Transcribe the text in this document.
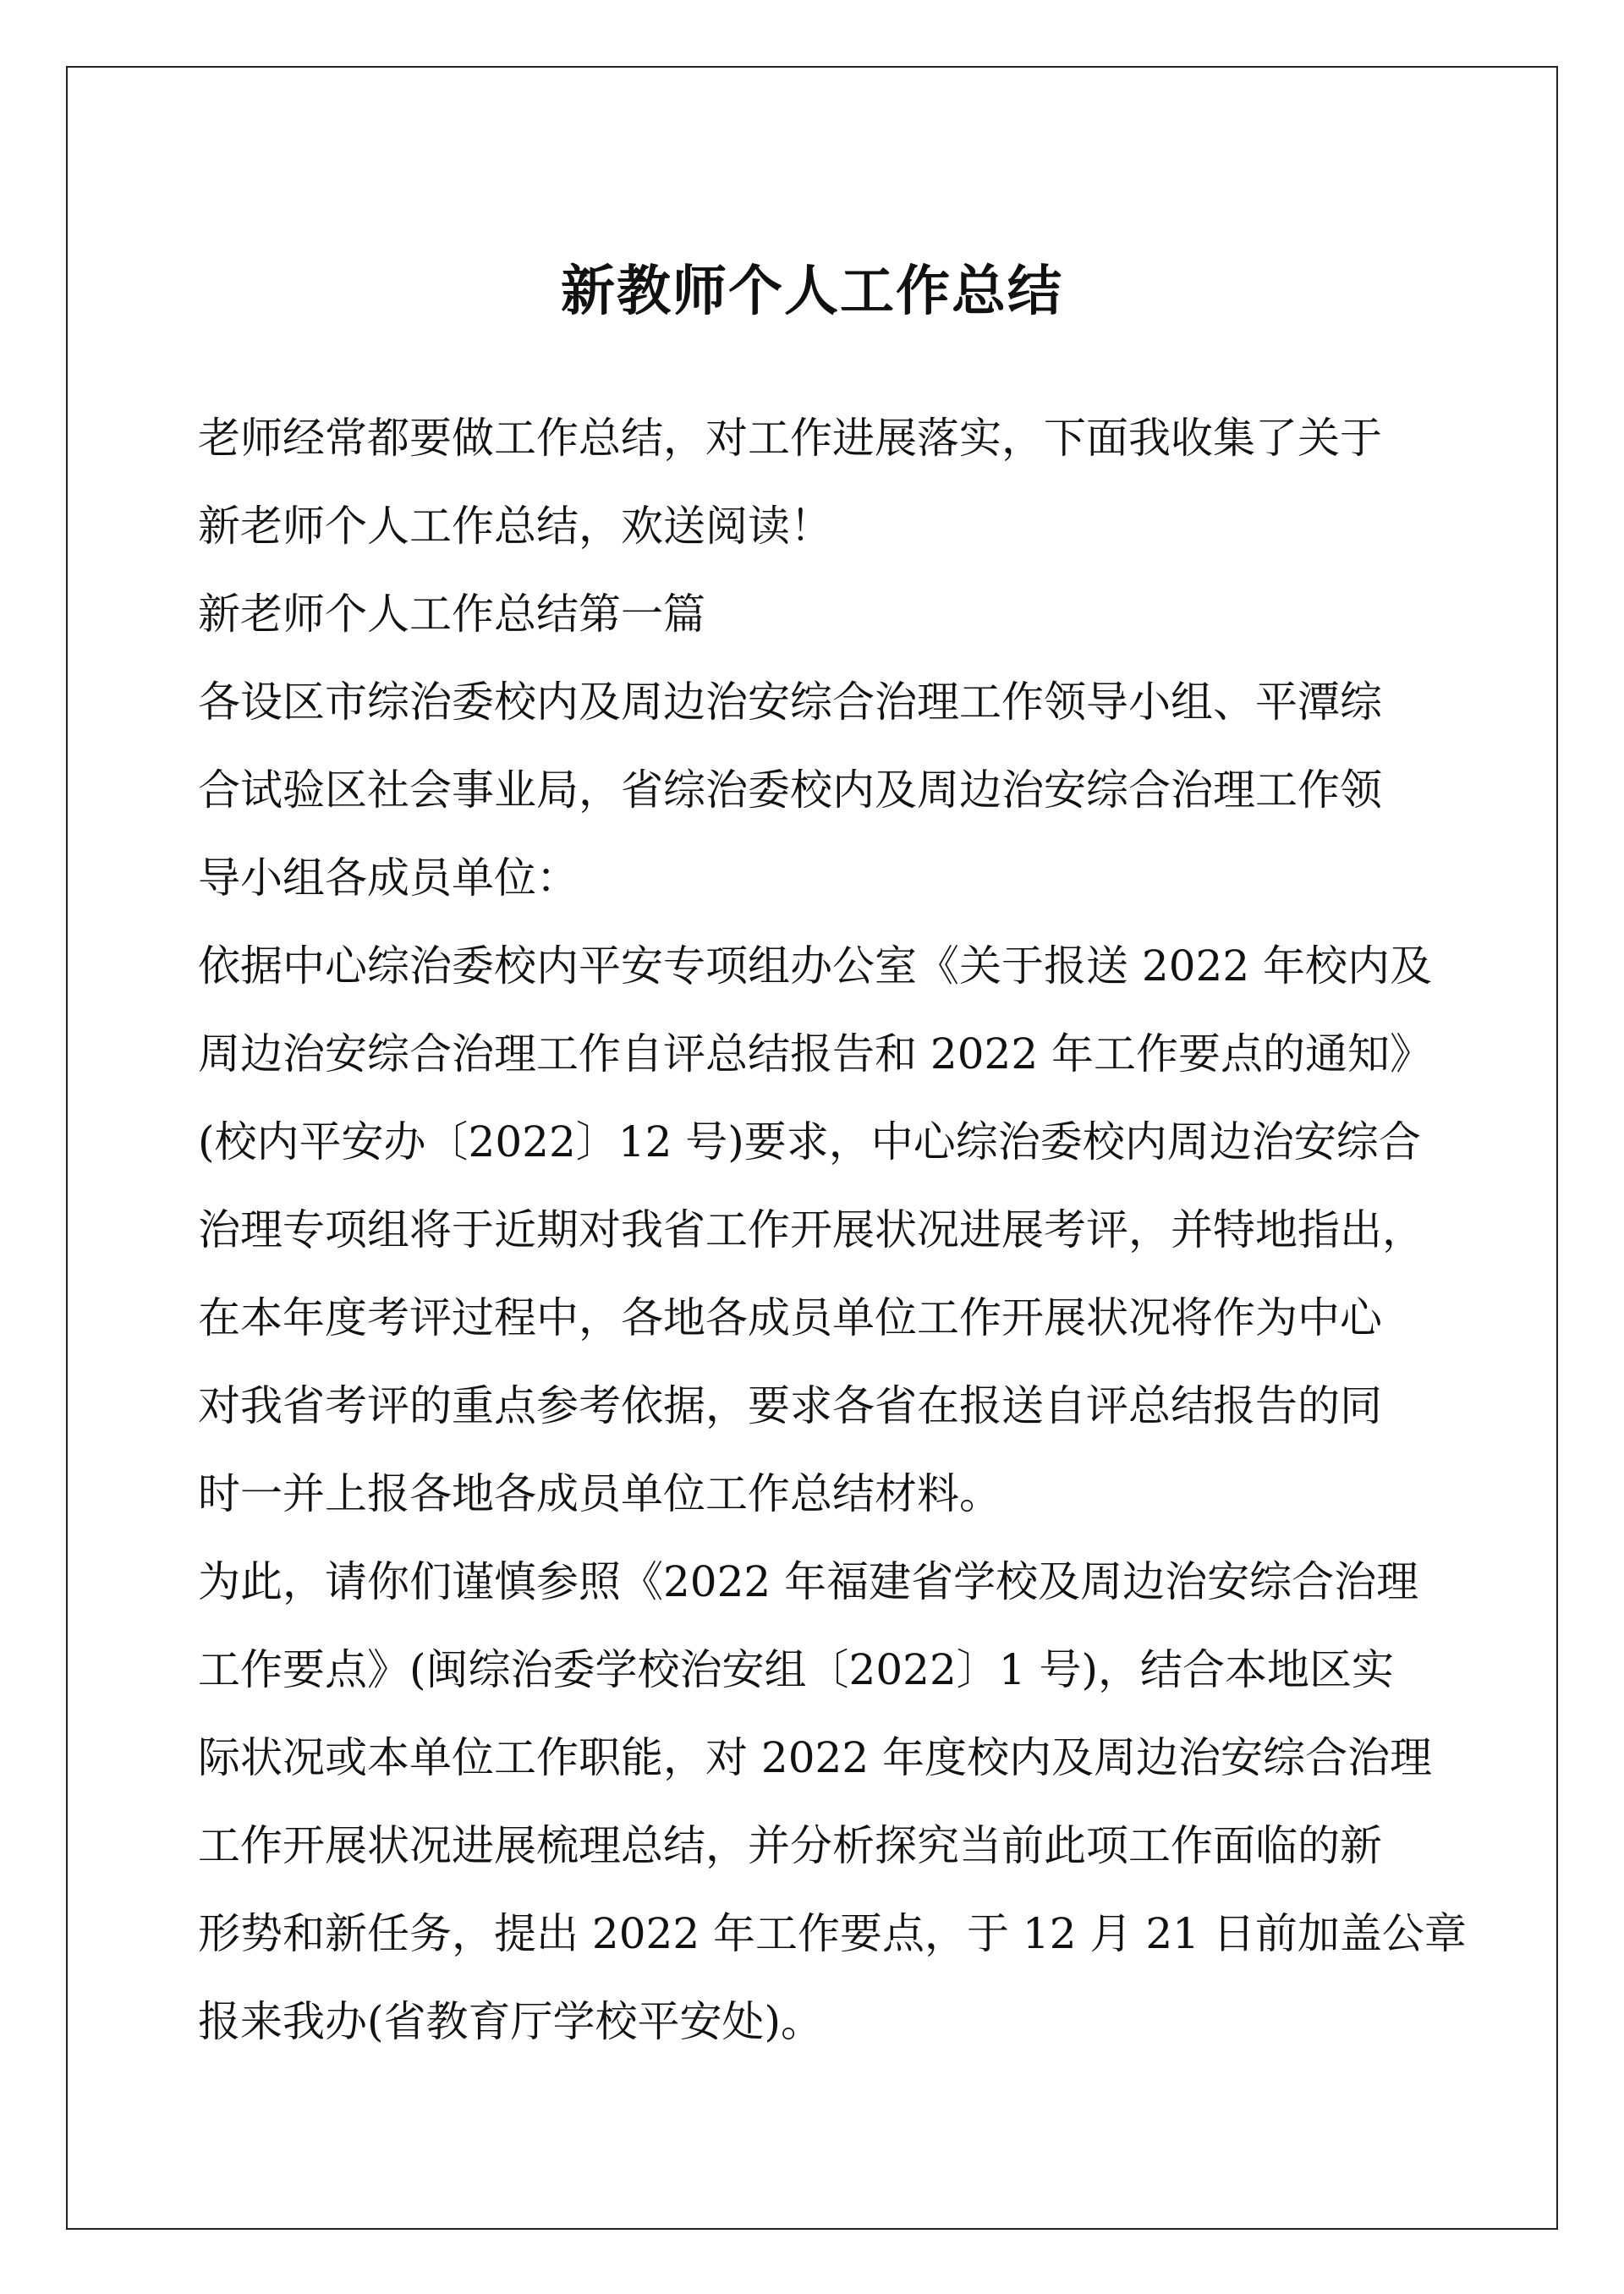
新教师个人工作总结
老师经常都要做工作总结，对工作进展落实，下面我收集了关于
新老师个人工作总结，欢送阅读！
新老师个人工作总结第一篇
各设区市综治委校内及周边治安综合治理工作领导小组、平潭综
合试验区社会事业局，省综治委校内及周边治安综合治理工作领
导小组各成员单位：
依据中心综治委校内平安专项组办公室《关于报送 2022 年校内及
周边治安综合治理工作自评总结报告和 2022 年工作要点的通知》
(校内平安办〔2022〕12 号)要求，中心综治委校内周边治安综合
治理专项组将于近期对我省工作开展状况进展考评，并特地指出，
在本年度考评过程中，各地各成员单位工作开展状况将作为中心
对我省考评的重点参考依据，要求各省在报送自评总结报告的同
时一并上报各地各成员单位工作总结材料。
为此，请你们谨慎参照《2022 年福建省学校及周边治安综合治理
工作要点》(闽综治委学校治安组〔2022〕1 号)，结合本地区实
际状况或本单位工作职能，对 2022 年度校内及周边治安综合治理
工作开展状况进展梳理总结，并分析探究当前此项工作面临的新
形势和新任务，提出 2022 年工作要点，于 12 月 21 日前加盖公章
报来我办(省教育厅学校平安处)。
